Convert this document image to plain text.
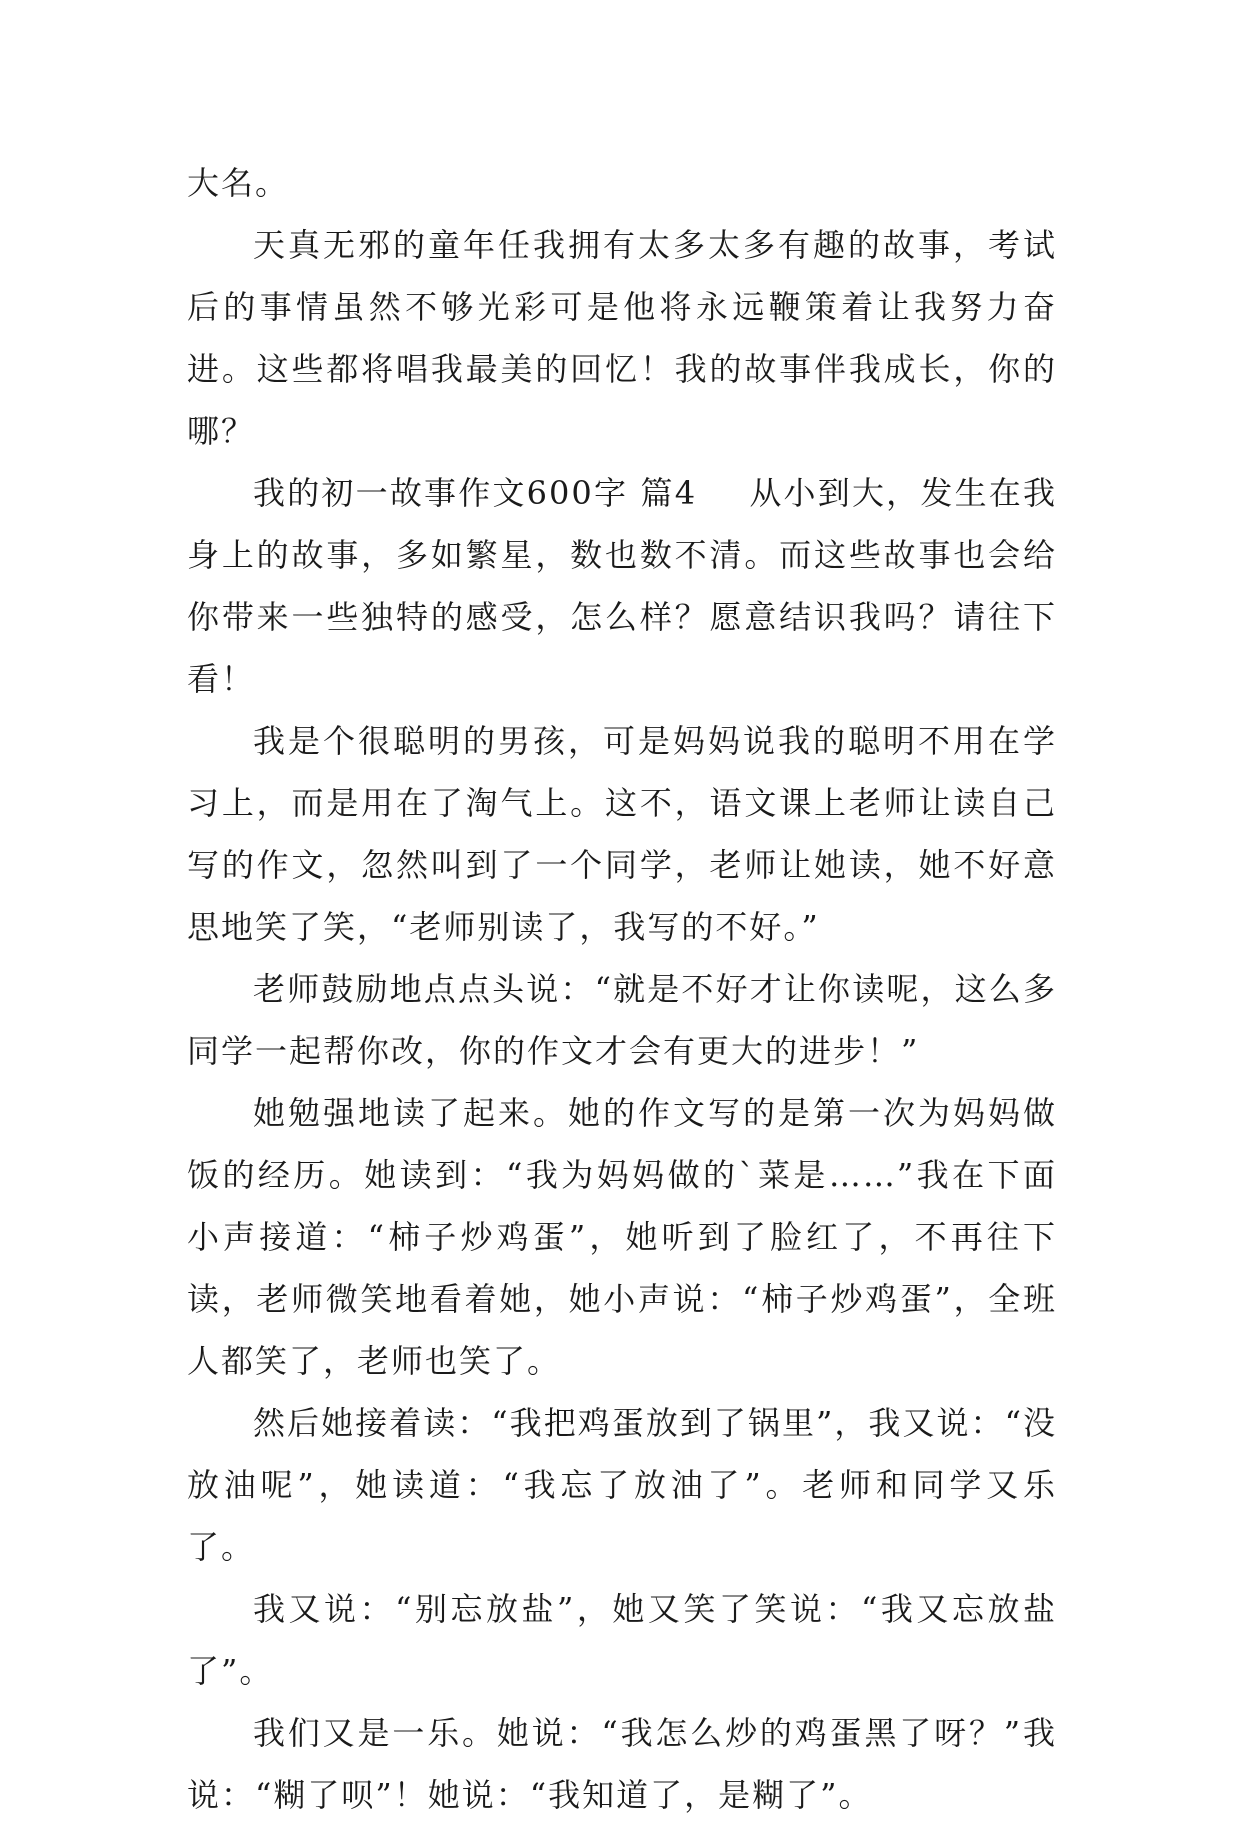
大名。

天真无邪的童年任我拥有太多太多有趣的故事，考试后的事情虽然不够光彩可是他将永远鞭策着让我努力奋进。这些都将唱我最美的回忆！我的故事伴我成长，你的哪？

我的初一故事作文600字 篇4 从小到大，发生在我身上的故事，多如繁星，数也数不清。而这些故事也会给你带来一些独特的感受，怎么样？愿意结识我吗？请往下看！

我是个很聪明的男孩，可是妈妈说我的聪明不用在学习上，而是用在了淘气上。这不，语文课上老师让读自己写的作文，忽然叫到了一个同学，老师让她读，她不好意思地笑了笑，“老师别读了，我写的不好。”

老师鼓励地点点头说：“就是不好才让你读呢，这么多同学一起帮你改，你的作文才会有更大的进步！”

她勉强地读了起来。她的作文写的是第一次为妈妈做饭的经历。她读到：“我为妈妈做的`菜是……”我在下面小声接道：“柿子炒鸡蛋”，她听到了脸红了，不再往下读，老师微笑地看着她，她小声说：“柿子炒鸡蛋”，全班人都笑了，老师也笑了。

然后她接着读：“我把鸡蛋放到了锅里”，我又说：“没放油呢”，她读道：“我忘了放油了”。老师和同学又乐了。

我又说：“别忘放盐”，她又笑了笑说：“我又忘放盐了”。

我们又是一乐。她说：“我怎么炒的鸡蛋黑了呀？”我说：“糊了呗”！她说：“我知道了，是糊了”。
